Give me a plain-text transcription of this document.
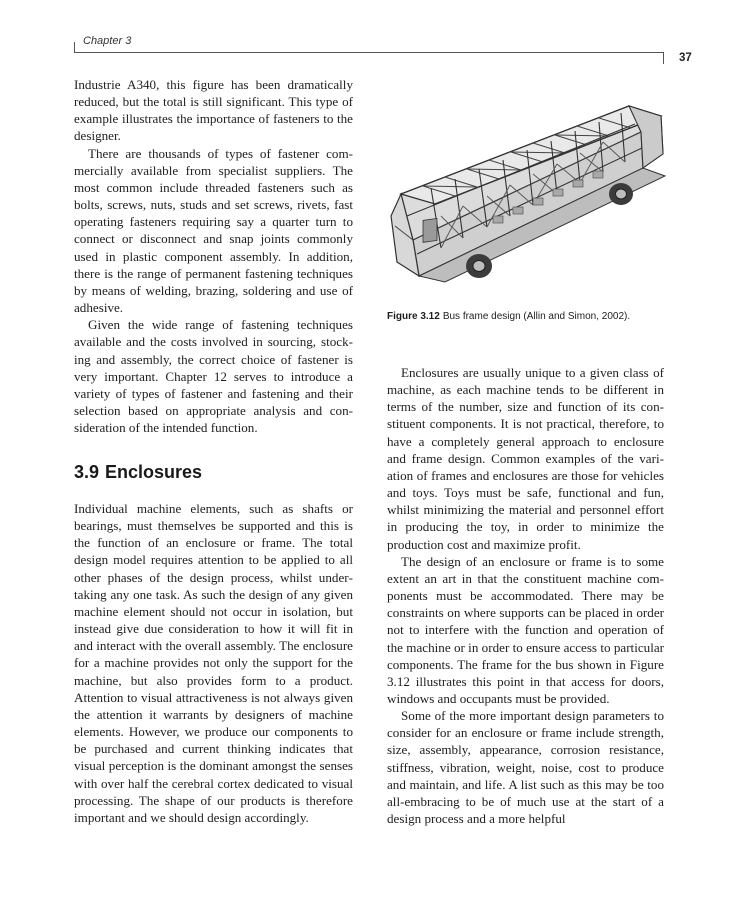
Chapter 3
37

Industrie A340, this figure has been dramatically reduced, but the total is still significant. This type of example illustrates the importance of fasteners to the designer.

There are thousands of types of fastener commercially available from specialist suppliers. The most common include threaded fasteners such as bolts, screws, nuts, studs and set screws, rivets, fast operating fasteners requiring say a quarter turn to connect or disconnect and snap joints commonly used in plastic component assembly. In addition, there is the range of permanent fastening techniques by means of welding, brazing, soldering and use of adhesive.

Given the wide range of fastening techniques available and the costs involved in sourcing, stocking and assembly, the correct choice of fastener is very important. Chapter 12 serves to introduce a variety of types of fastener and fastening and their selection based on appropriate analysis and consideration of the intended function.

3.9 Enclosures

Individual machine elements, such as shafts or bearings, must themselves be supported and this is the function of an enclosure or frame. The total design model requires attention to be applied to all other phases of the design process, whilst undertaking any one task. As such the design of any given machine element should not occur in isolation, but instead give due consideration to how it will fit in and interact with the overall assembly. The enclosure for a machine provides not only the support for the machine, but also provides form to a product. Attention to visual attractiveness is not always given the attention it warrants by designers of machine elements. However, we produce our components to be purchased and current thinking indicates that visual perception is the dominant amongst the senses with over half the cerebral cortex dedicated to visual processing. The shape of our products is therefore important and we should design accordingly.

Figure 3.12 Bus frame design (Allin and Simon, 2002).

Enclosures are usually unique to a given class of machine, as each machine tends to be different in terms of the number, size and function of its constituent components. It is not practical, therefore, to have a completely general approach to enclosure and frame design. Common examples of the variation of frames and enclosures are those for vehicles and toys. Toys must be safe, functional and fun, whilst minimizing the material and personnel effort in producing the toy, in order to minimize the production cost and maximize profit.

The design of an enclosure or frame is to some extent an art in that the constituent machine components must be accommodated. There may be constraints on where supports can be placed in order not to interfere with the function and operation of the machine or in order to ensure access to particular components. The frame for the bus shown in Figure 3.12 illustrates this point in that access for doors, windows and occupants must be provided.

Some of the more important design parameters to consider for an enclosure or frame include strength, size, assembly, appearance, corrosion resistance, stiffness, vibration, weight, noise, cost to produce and maintain, and life. A list such as this may be too all-embracing to be of much use at the start of a design process and a more helpful
